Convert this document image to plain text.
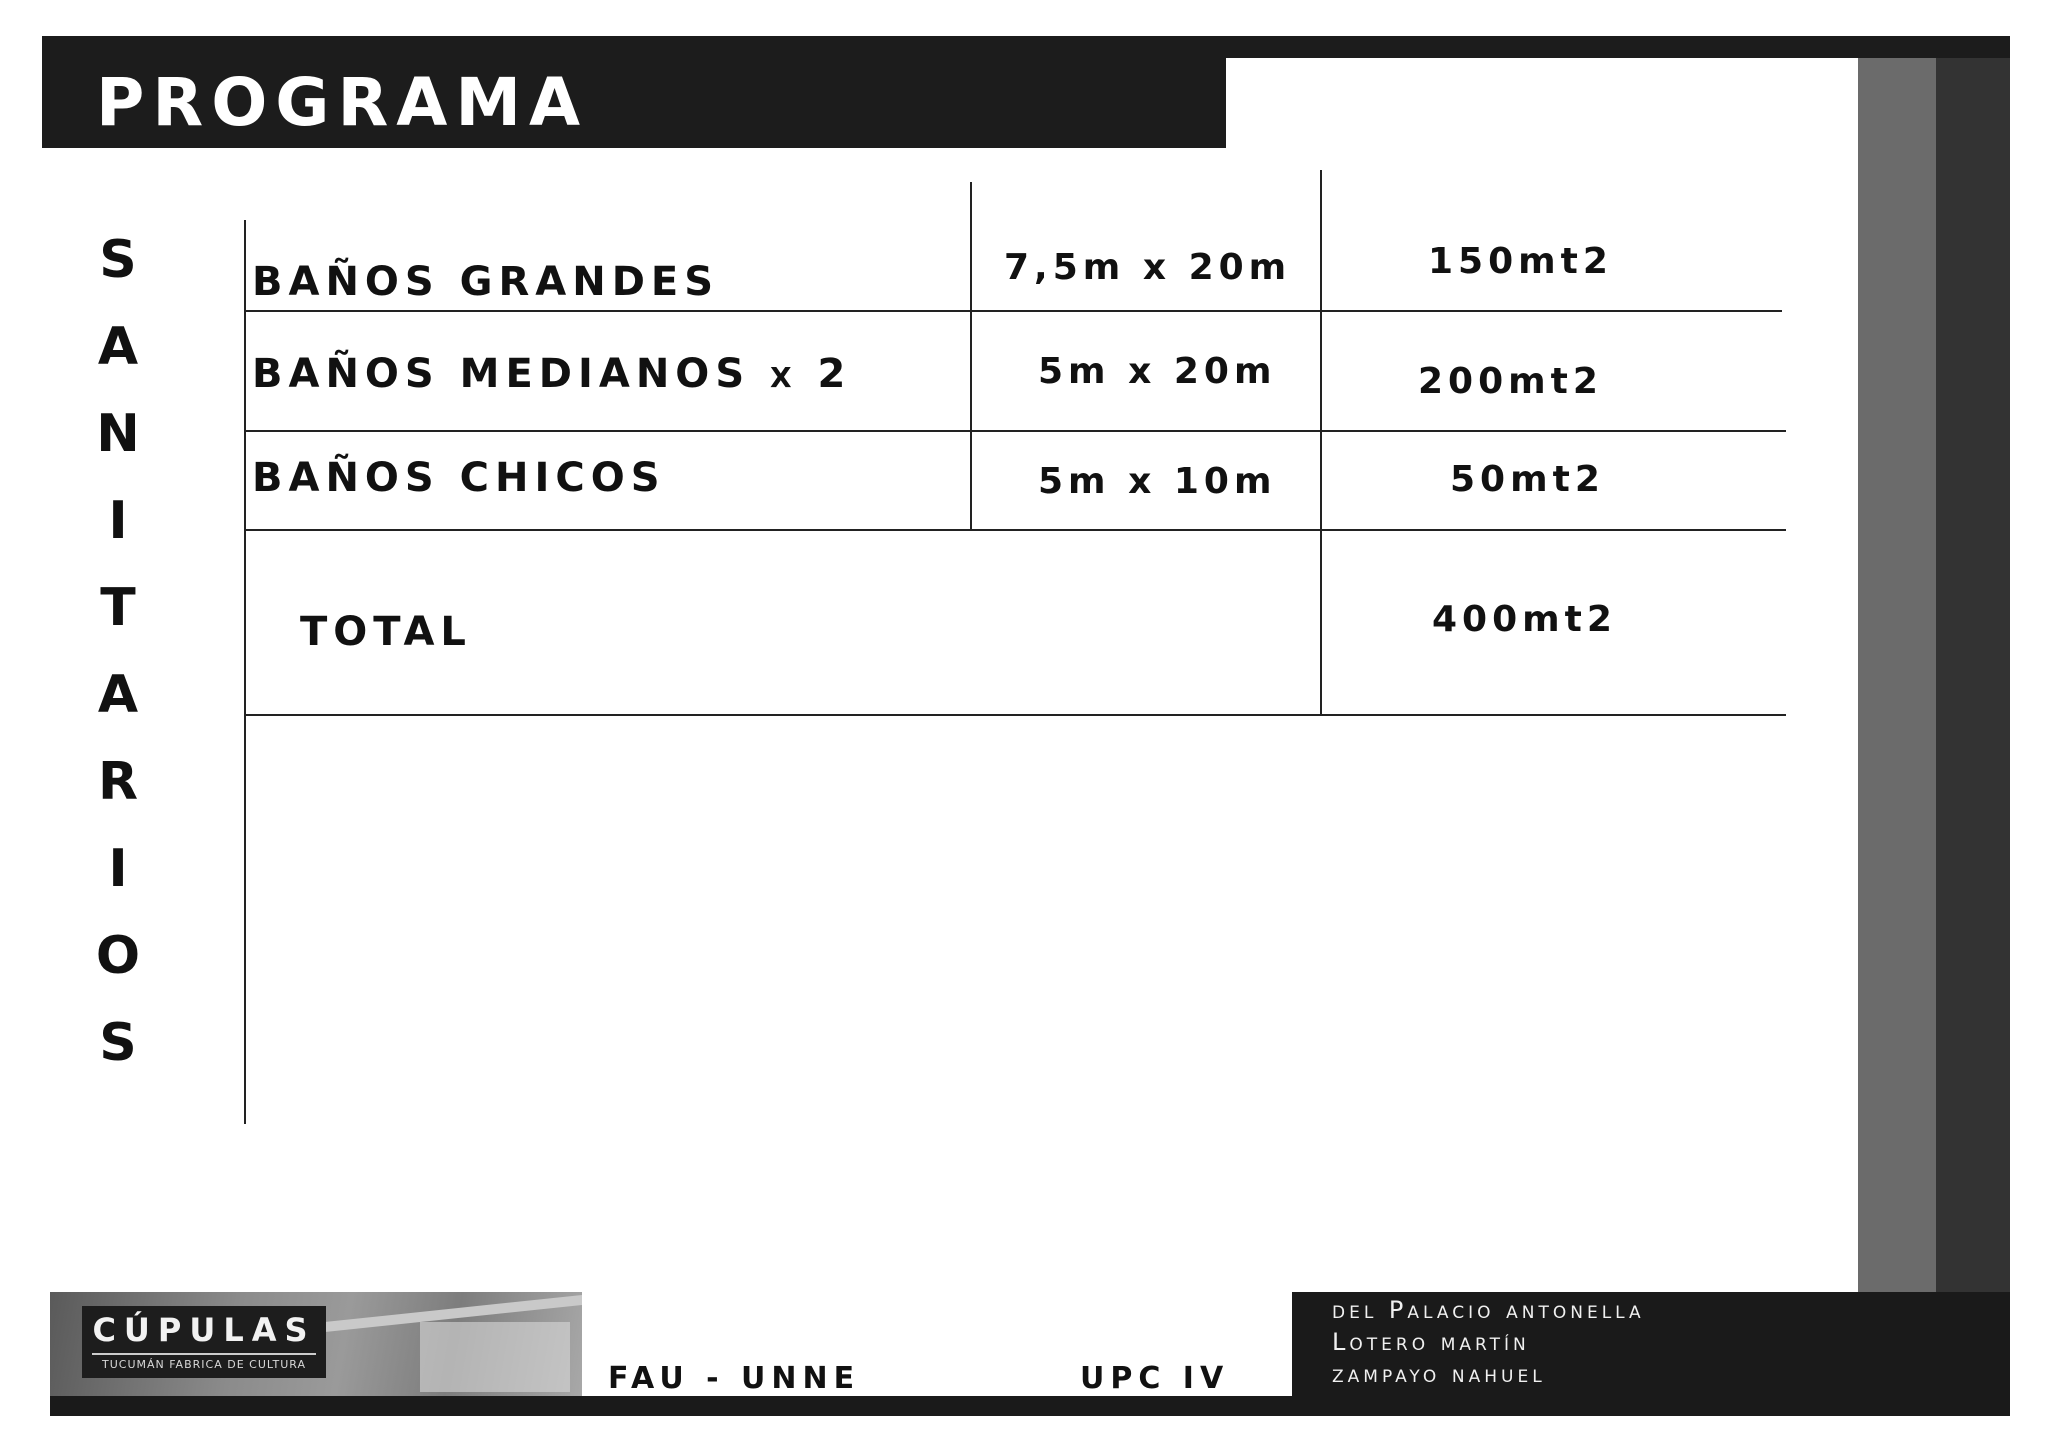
PROGRAMA
S
A
N
I
T
A
R
I
O
S
BAÑOS GRANDES	7,5m x 20m	150mt2
BAÑOS MEDIANOS x 2	5m x 20m	200mt2
BAÑOS CHICOS	5m x 10m	50mt2
TOTAL	400mt2
CÚPULAS
TUCUMÁN FABRICA DE CULTURA	FAU - UNNE	UPC IV
del Palacio antonella
Lotero martín
zampayo nahuel
